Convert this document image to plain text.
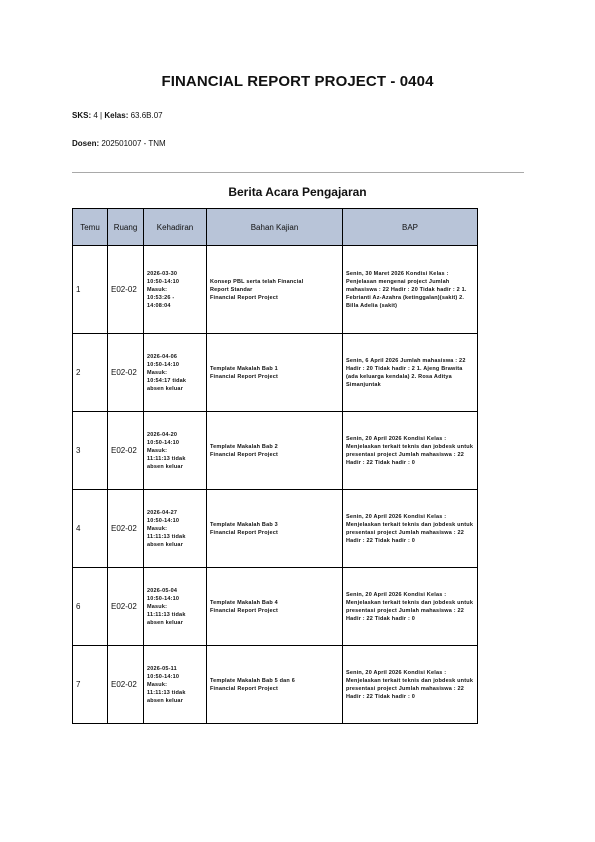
FINANCIAL REPORT PROJECT - 0404
SKS: 4 | Kelas: 63.6B.07
Dosen: 202501007 - TNM
Berita Acara Pengajaran
Temu	Ruang	Kehadiran	Bahan Kajian	BAP
1	E02-02	2026-03-30
10:50-14:10
Masuk:
10:53:26 -
14:08:04	Konsep PBL serta telah Financial
Report Standar
Financial Report Project	Senin, 30 Maret 2026 Kondisi Kelas : Penjelasan mengenai project Jumlah mahasiswa : 22 Hadir : 20 Tidak hadir : 2 1. Febrianti Az-Azahra (ketinggalan)(sakit) 2. Billa Adelia (sakit)
2	E02-02	2026-04-06
10:50-14:10
Masuk:
10:54:17 tidak
absen keluar	Template Makalah Bab 1
Financial Report Project	Senin, 6 April 2026 Jumlah mahasiswa : 22 Hadir : 20 Tidak hadir : 2 1. Ajeng Brawita (ada keluarga kendala) 2. Rosa Aditya Simanjuntak
3	E02-02	2026-04-20
10:50-14:10
Masuk:
11:11:13 tidak
absen keluar	Template Makalah Bab 2
Financial Report Project	Senin, 20 April 2026 Kondisi Kelas : Menjelaskan terkait teknis dan jobdesk untuk presentasi project Jumlah mahasiswa : 22 Hadir : 22 Tidak hadir : 0
4	E02-02	2026-04-27
10:50-14:10
Masuk:
11:11:13 tidak
absen keluar	Template Makalah Bab 3
Financial Report Project	Senin, 20 April 2026 Kondisi Kelas : Menjelaskan terkait teknis dan jobdesk untuk presentasi project Jumlah mahasiswa : 22 Hadir : 22 Tidak hadir : 0
6	E02-02	2026-05-04
10:50-14:10
Masuk:
11:11:13 tidak
absen keluar	Template Makalah Bab 4
Financial Report Project	Senin, 20 April 2026 Kondisi Kelas : Menjelaskan terkait teknis dan jobdesk untuk presentasi project Jumlah mahasiswa : 22 Hadir : 22 Tidak hadir : 0
7	E02-02	2026-05-11
10:50-14:10
Masuk:
11:11:13 tidak
absen keluar	Template Makalah Bab 5 dan 6
Financial Report Project	Senin, 20 April 2026 Kondisi Kelas : Menjelaskan terkait teknis dan jobdesk untuk presentasi project Jumlah mahasiswa : 22 Hadir : 22 Tidak hadir : 0
